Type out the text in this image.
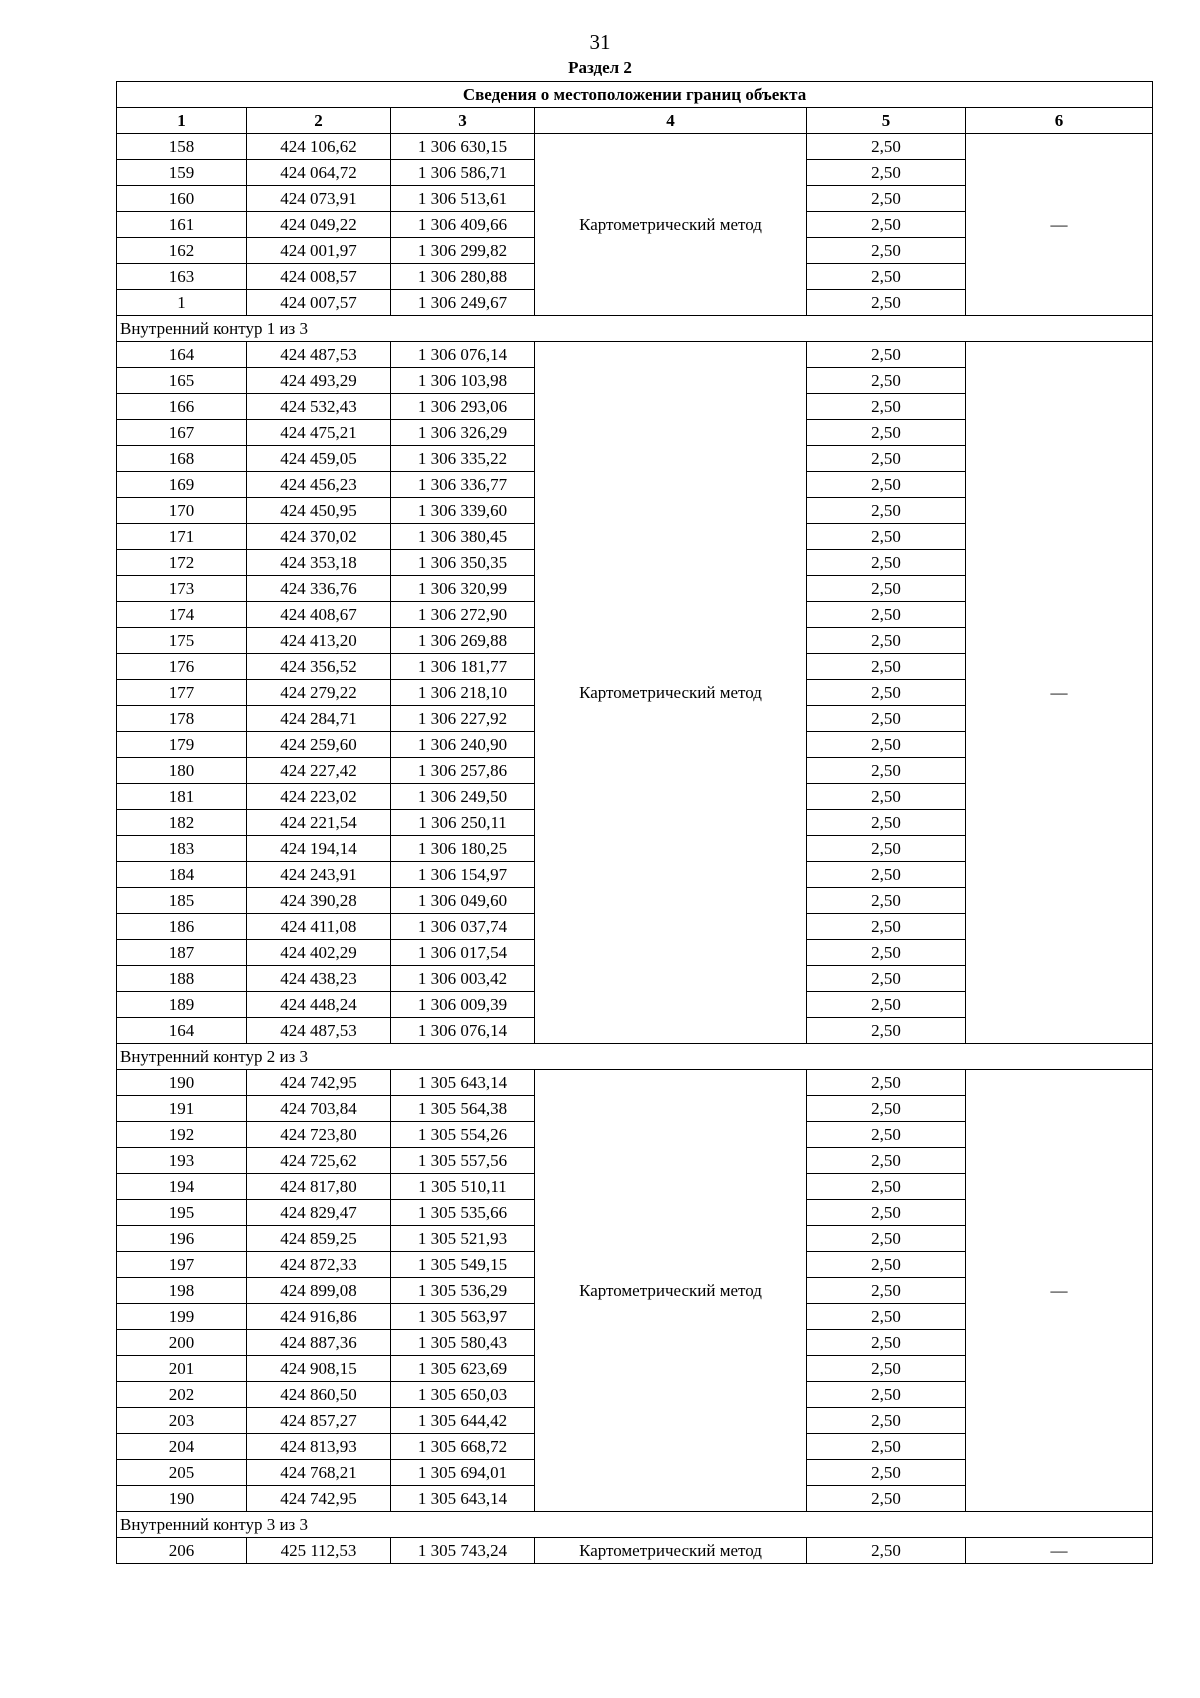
31
Раздел 2
Сведения о местоположении границ объекта					
1	2	3	4	5	6
158	424 106,62	1 306 630,15	Картометрический метод	2,50	—
159	424 064,72	1 306 586,71		2,50	
160	424 073,91	1 306 513,61		2,50	
161	424 049,22	1 306 409,66		2,50	
162	424 001,97	1 306 299,82		2,50	
163	424 008,57	1 306 280,88		2,50	
1	424 007,57	1 306 249,67		2,50	
Внутренний контур 1 из 3					
164	424 487,53	1 306 076,14	Картометрический метод	2,50	—
165	424 493,29	1 306 103,98		2,50	
166	424 532,43	1 306 293,06		2,50	
167	424 475,21	1 306 326,29		2,50	
168	424 459,05	1 306 335,22		2,50	
169	424 456,23	1 306 336,77		2,50	
170	424 450,95	1 306 339,60		2,50	
171	424 370,02	1 306 380,45		2,50	
172	424 353,18	1 306 350,35		2,50	
173	424 336,76	1 306 320,99		2,50	
174	424 408,67	1 306 272,90		2,50	
175	424 413,20	1 306 269,88		2,50	
176	424 356,52	1 306 181,77		2,50	
177	424 279,22	1 306 218,10		2,50	
178	424 284,71	1 306 227,92		2,50	
179	424 259,60	1 306 240,90		2,50	
180	424 227,42	1 306 257,86		2,50	
181	424 223,02	1 306 249,50		2,50	
182	424 221,54	1 306 250,11		2,50	
183	424 194,14	1 306 180,25		2,50	
184	424 243,91	1 306 154,97		2,50	
185	424 390,28	1 306 049,60		2,50	
186	424 411,08	1 306 037,74		2,50	
187	424 402,29	1 306 017,54		2,50	
188	424 438,23	1 306 003,42		2,50	
189	424 448,24	1 306 009,39		2,50	
164	424 487,53	1 306 076,14		2,50	
Внутренний контур 2 из 3					
190	424 742,95	1 305 643,14	Картометрический метод	2,50	—
191	424 703,84	1 305 564,38		2,50	
192	424 723,80	1 305 554,26		2,50	
193	424 725,62	1 305 557,56		2,50	
194	424 817,80	1 305 510,11		2,50	
195	424 829,47	1 305 535,66		2,50	
196	424 859,25	1 305 521,93		2,50	
197	424 872,33	1 305 549,15		2,50	
198	424 899,08	1 305 536,29		2,50	
199	424 916,86	1 305 563,97		2,50	
200	424 887,36	1 305 580,43		2,50	
201	424 908,15	1 305 623,69		2,50	
202	424 860,50	1 305 650,03		2,50	
203	424 857,27	1 305 644,42		2,50	
204	424 813,93	1 305 668,72		2,50	
205	424 768,21	1 305 694,01		2,50	
190	424 742,95	1 305 643,14		2,50	
Внутренний контур 3 из 3					
206	425 112,53	1 305 743,24	Картометрический метод	2,50	—
